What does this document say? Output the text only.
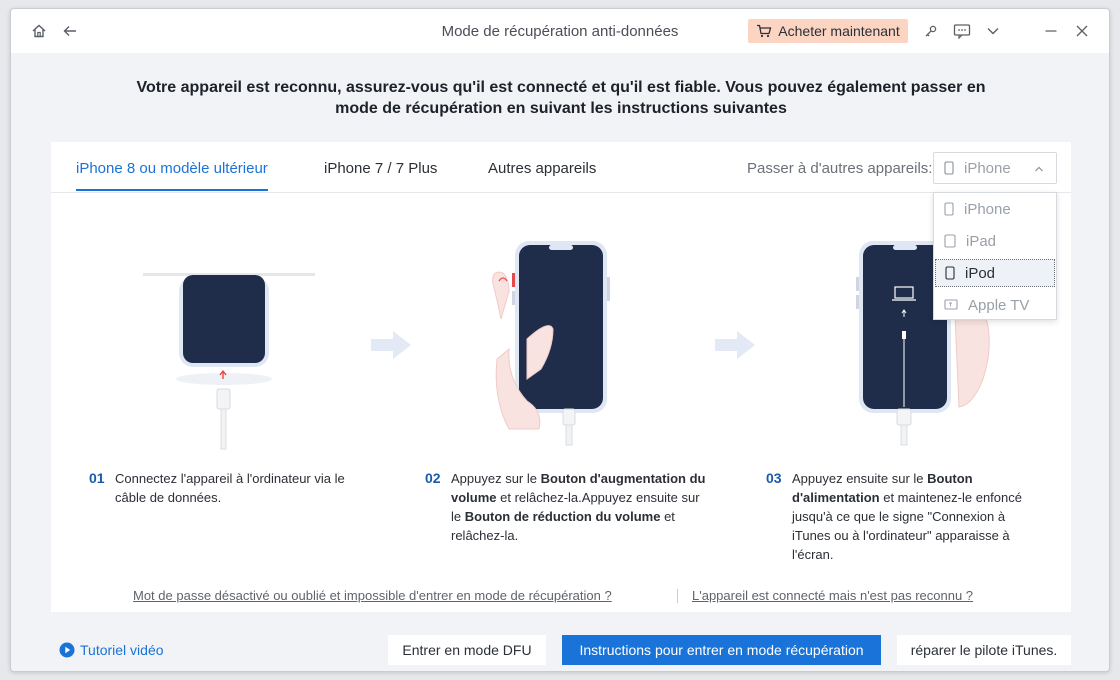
Mode de récupération anti-données	Acheter maintenant
Votre appareil est reconnu, assurez-vous qu'il est connecté et qu'il est fiable. Vous pouvez également passer en
mode de récupération en suivant les instructions suivantes
iPhone 8 ou modèle ultérieur	iPhone 7 / 7 Plus	Autres appareils	Passer à d'autres appareils: iPhone
01 Connectez l'appareil à l'ordinateur via le câble de données.
02 Appuyez sur le Bouton d'augmentation du volume et relâchez-la.Appuyez ensuite sur le Bouton de réduction du volume et relâchez-la.
03 Appuyez ensuite sur le Bouton d'alimentation et maintenez-le enfoncé jusqu'à ce que le signe "Connexion à iTunes ou à l'ordinateur" apparaisse à l'écran.
Mot de passe désactivé ou oublié et impossible d'entrer en mode de récupération ?	L'appareil est connecté mais n'est pas reconnu ?
iPhone
iPad
iPod
Apple TV
Tutoriel vidéo	Entrer en mode DFU	Instructions pour entrer en mode récupération	réparer le pilote iTunes.
